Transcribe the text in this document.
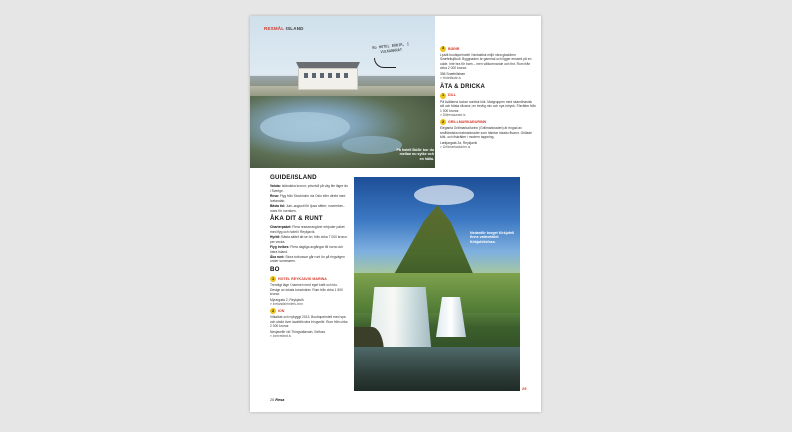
RESMÅL ISLAND
Bo HOTEL BÚÐIR, I VULKANKRAT
På hotell Búðir bor du mellan nu sytke och en hälla.
3	BÚÐIR
Ljuslit boutiquehotell i fantastisk miljö nära glaciären Snæfellsjökull. Byggnaden är gammal och ligger ensamt på en udde. Inte bra för barn – men välkomnande och fint. Rum från cirka 2 000 kronor.
356 Snæfellsbær
» Hotelbudir.is
ÄTA & DRICKA
1	DILL
På kvällarna lockar nordisk kök. Matgruppen med skandinavisk stil och bästa råvaror; en trevlig mix och nya intryck. Förrätter från 1 000 kronor.
» Dillrestaurant.is
2	GRILLMARKAÐURINN
Eleganta Grillmarkaðurinn (Grillmarknaden) är ringad av småländska matmarknader som hämtar lokala råvaror. Grillade kött- och fiskrätter i modern tappning.
Lækjargata 2a, Reykjavík
» Grillmarkadurinn.is
GUIDE/ISLAND
Valuta: Isländska kronor; prisnivå på väg lite lägre än i Sverige.
Resa: Flyg från Stockholm via Oslo eller direkt med Icelandair.
Bästa tid: Juni–augusti för ljusa nätter; november–mars för norrsken.
ÅKA DIT & RUNT
Charterpaket: Flera researrangörer erbjuder paket med flyg och hotell i Reykjavík.
Hyrbil: Bästa sättet att se ön; från cirka 7 000 kronor per vecka.
Flyg inrikes: Flera dagliga avgångar till norra och östra Island.
Åka runt: Stora turbussar går runt ön på ringvägen under sommaren.
BO
1	HOTEL REYKJAVIK MARINA
Trendigt läge i hamnen med eget kafé och bio. Design av lokala konstnärer. Rum från cirka 1 500 kronor.
Mýrargata 2, Reykjavík
» Icelandairhotels.com
2	ION
Vitkalkat och nybyggt 2013. Boutiquehotell med spa och utsikt över lavafält nära Þingvellir. Rum från cirka 2 000 kronor.
Nesjavellir vid Thingvallavatn, Selfoss
» Ioniceland.is
Nedanför berget Kirkjufell finns vattenfallet Kirkjufellsfoss.
26 Resa
29
